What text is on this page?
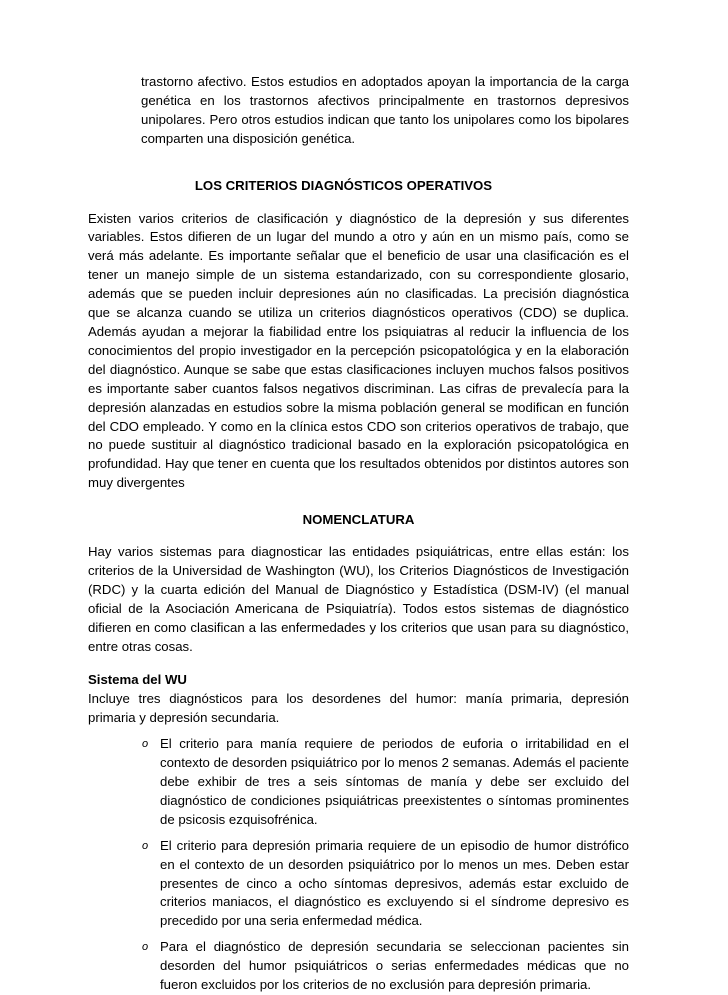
trastorno afectivo. Estos estudios en adoptados apoyan la importancia de la carga genética en los trastornos afectivos principalmente en trastornos depresivos unipolares. Pero otros estudios indican que tanto los unipolares como los bipolares comparten una disposición genética.

LOS CRITERIOS DIAGNÓSTICOS OPERATIVOS

Existen varios criterios de clasificación y diagnóstico de la depresión y sus diferentes variables. Estos difieren de un lugar del mundo a otro y aún en un mismo país, como se verá más adelante. Es importante señalar que el beneficio de usar una clasificación es el tener un manejo simple de un sistema estandarizado, con su correspondiente glosario, además que se pueden incluir depresiones aún no clasificadas. La precisión diagnóstica que se alcanza cuando se utiliza un criterios diagnósticos operativos (CDO) se duplica. Además ayudan a mejorar la fiabilidad entre los psiquiatras al reducir la influencia de los conocimientos del propio investigador en la percepción psicopatológica y en la elaboración del diagnóstico. Aunque se sabe que estas clasificaciones incluyen muchos falsos positivos es importante saber cuantos falsos negativos discriminan. Las cifras de prevalecía para la depresión alanzadas en estudios sobre la misma población general se modifican en función del CDO empleado. Y como en la clínica estos CDO son criterios operativos de trabajo, que no puede sustituir al diagnóstico tradicional basado en la exploración psicopatológica en profundidad. Hay que tener en cuenta que los resultados obtenidos por distintos autores son muy divergentes

NOMENCLATURA

Hay varios sistemas para diagnosticar las entidades psiquiátricas, entre ellas están: los criterios de la Universidad de Washington (WU), los Criterios Diagnósticos de Investigación (RDC) y la cuarta edición del Manual de Diagnóstico y Estadística (DSM-IV) (el manual oficial de la Asociación Americana de Psiquiatría). Todos estos sistemas de diagnóstico difieren en como clasifican a las enfermedades y los criterios que usan para su diagnóstico, entre otras cosas.

Sistema del WU

Incluye tres diagnósticos para los desordenes del humor: manía primaria, depresión primaria y depresión secundaria.

o El criterio para manía requiere de periodos de euforia o irritabilidad en el contexto de desorden psiquiátrico por lo menos 2 semanas. Además el paciente debe exhibir de tres a seis síntomas de manía y debe ser excluido del diagnóstico de condiciones psiquiátricas preexistentes o síntomas prominentes de psicosis ezquisofrénica.
o El criterio para depresión primaria requiere de un episodio de humor distrófico en el contexto de un desorden psiquiátrico por lo menos un mes. Deben estar presentes de cinco a ocho síntomas depresivos, además estar excluido de criterios maniacos, el diagnóstico es excluyendo si el síndrome depresivo es precedido por una seria enfermedad médica.
o Para el diagnóstico de depresión secundaria se seleccionan pacientes sin desorden del humor psiquiátricos o serias enfermedades médicas que no fueron excluidos por los criterios de no exclusión para depresión primaria.
